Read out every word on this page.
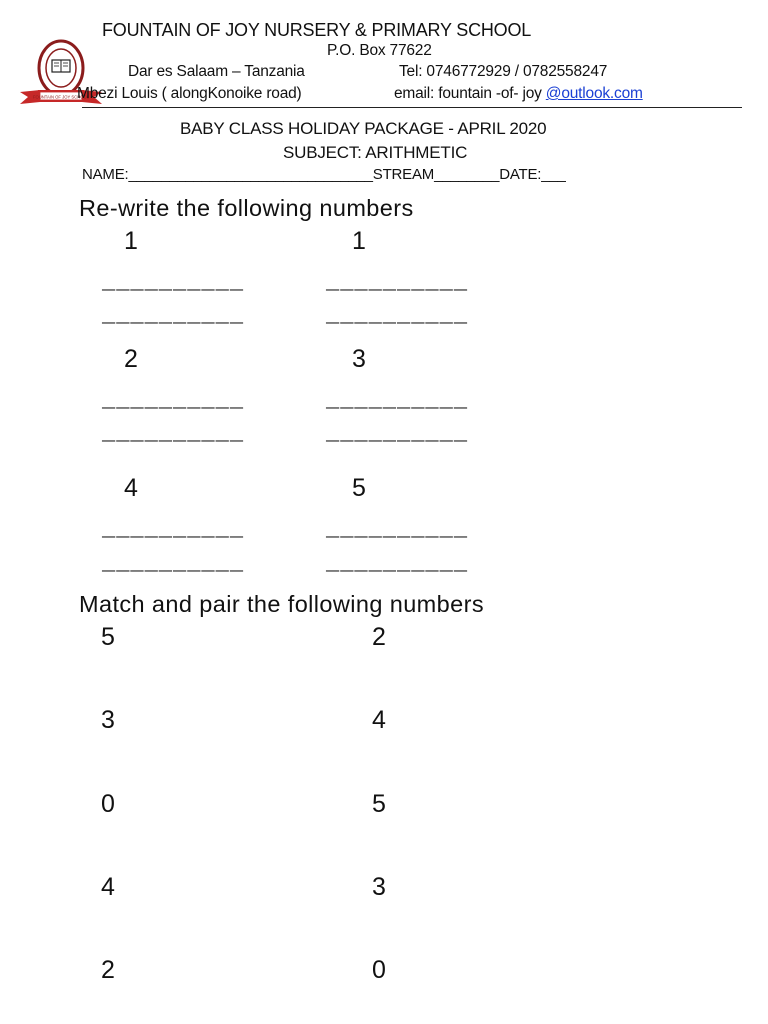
FOUNTAIN OF JOY SCHOOL
FOUNTAIN OF JOY NURSERY & PRIMARY SCHOOL
P.O. Box 77622
Dar es Salaam – Tanzania	Tel: 0746772929 / 0782558247
Mbezi Louis ( alongKonoike road)	email: fountain -of- joy @outlook.com
BABY CLASS HOLIDAY PACKAGE - APRIL 2020
SUBJECT: ARITHMETIC
NAME:______________________________STREAM________DATE:___
Re-write the following numbers
1	1
__________	__________
__________	__________
2	3
__________	__________
__________	__________
4	5
__________	__________
__________	__________
Match and pair the following numbers
5	2
3	4
0	5
4	3
2	0
